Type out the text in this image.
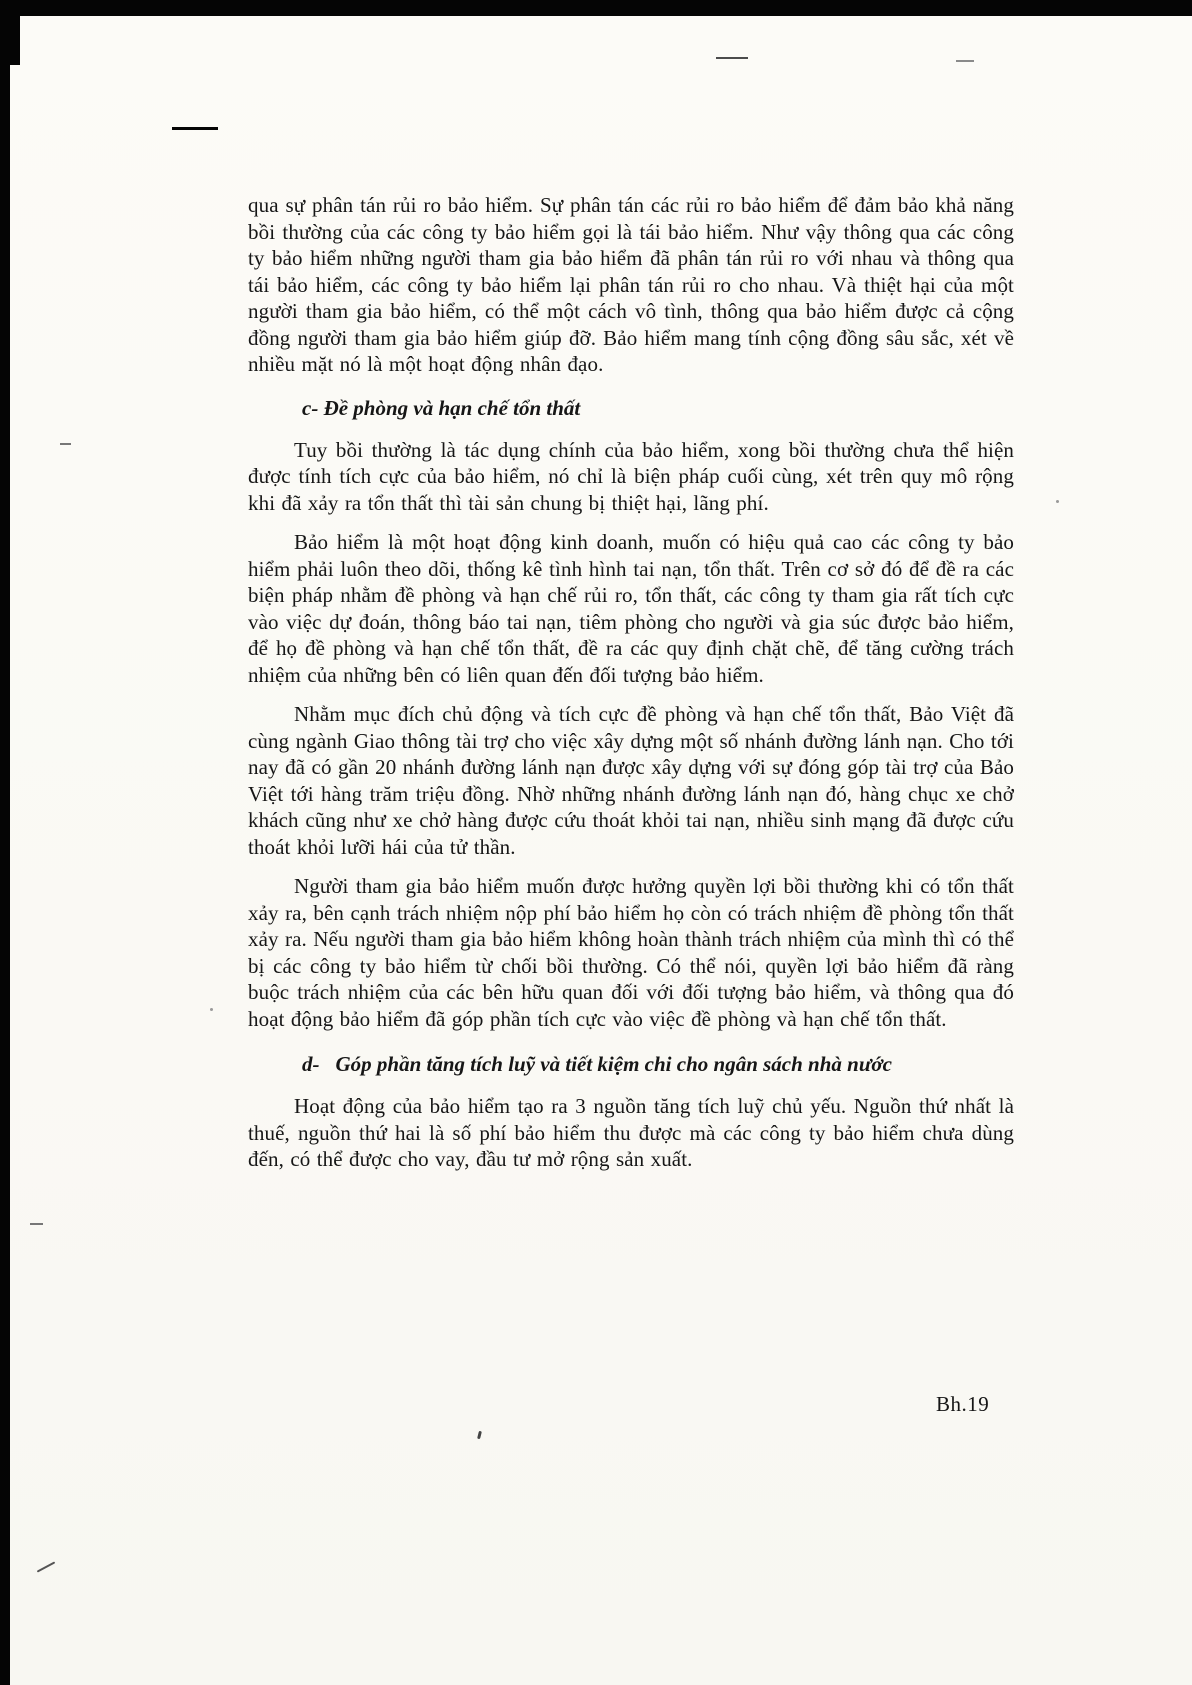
qua sự phân tán rủi ro bảo hiểm. Sự phân tán các rủi ro bảo hiểm để đảm bảo khả năng bồi thường của các công ty bảo hiểm gọi là tái bảo hiểm. Như vậy thông qua các công ty bảo hiểm những người tham gia bảo hiểm đã phân tán rủi ro với nhau và thông qua tái bảo hiểm, các công ty bảo hiểm lại phân tán rủi ro cho nhau. Và thiệt hại của một người tham gia bảo hiểm, có thể một cách vô tình, thông qua bảo hiểm được cả cộng đồng người tham gia bảo hiểm giúp đỡ. Bảo hiểm mang tính cộng đồng sâu sắc, xét về nhiều mặt nó là một hoạt động nhân đạo.

c- Đề phòng và hạn chế tổn thất

Tuy bồi thường là tác dụng chính của bảo hiểm, xong bồi thường chưa thể hiện được tính tích cực của bảo hiểm, nó chỉ là biện pháp cuối cùng, xét trên quy mô rộng khi đã xảy ra tổn thất thì tài sản chung bị thiệt hại, lãng phí.

Bảo hiểm là một hoạt động kinh doanh, muốn có hiệu quả cao các công ty bảo hiểm phải luôn theo dõi, thống kê tình hình tai nạn, tổn thất. Trên cơ sở đó để đề ra các biện pháp nhằm đề phòng và hạn chế rủi ro, tổn thất, các công ty tham gia rất tích cực vào việc dự đoán, thông báo tai nạn, tiêm phòng cho người và gia súc được bảo hiểm, để họ đề phòng và hạn chế tổn thất, đề ra các quy định chặt chẽ, để tăng cường trách nhiệm của những bên có liên quan đến đối tượng bảo hiểm.

Nhằm mục đích chủ động và tích cực đề phòng và hạn chế tổn thất, Bảo Việt đã cùng ngành Giao thông tài trợ cho việc xây dựng một số nhánh đường lánh nạn. Cho tới nay đã có gần 20 nhánh đường lánh nạn được xây dựng với sự đóng góp tài trợ của Bảo Việt tới hàng trăm triệu đồng. Nhờ những nhánh đường lánh nạn đó, hàng chục xe chở khách cũng như xe chở hàng được cứu thoát khỏi tai nạn, nhiều sinh mạng đã được cứu thoát khỏi lưỡi hái của tử thần.

Người tham gia bảo hiểm muốn được hưởng quyền lợi bồi thường khi có tổn thất xảy ra, bên cạnh trách nhiệm nộp phí bảo hiểm họ còn có trách nhiệm đề phòng tổn thất xảy ra. Nếu người tham gia bảo hiểm không hoàn thành trách nhiệm của mình thì có thể bị các công ty bảo hiểm từ chối bồi thường. Có thể nói, quyền lợi bảo hiểm đã ràng buộc trách nhiệm của các bên hữu quan đối với đối tượng bảo hiểm, và thông qua đó hoạt động bảo hiểm đã góp phần tích cực vào việc đề phòng và hạn chế tổn thất.

d- Góp phần tăng tích luỹ và tiết kiệm chi cho ngân sách nhà nước

Hoạt động của bảo hiểm tạo ra 3 nguồn tăng tích luỹ chủ yếu. Nguồn thứ nhất là thuế, nguồn thứ hai là số phí bảo hiểm thu được mà các công ty bảo hiểm chưa dùng đến, có thể được cho vay, đầu tư mở rộng sản xuất.

Bh.19
